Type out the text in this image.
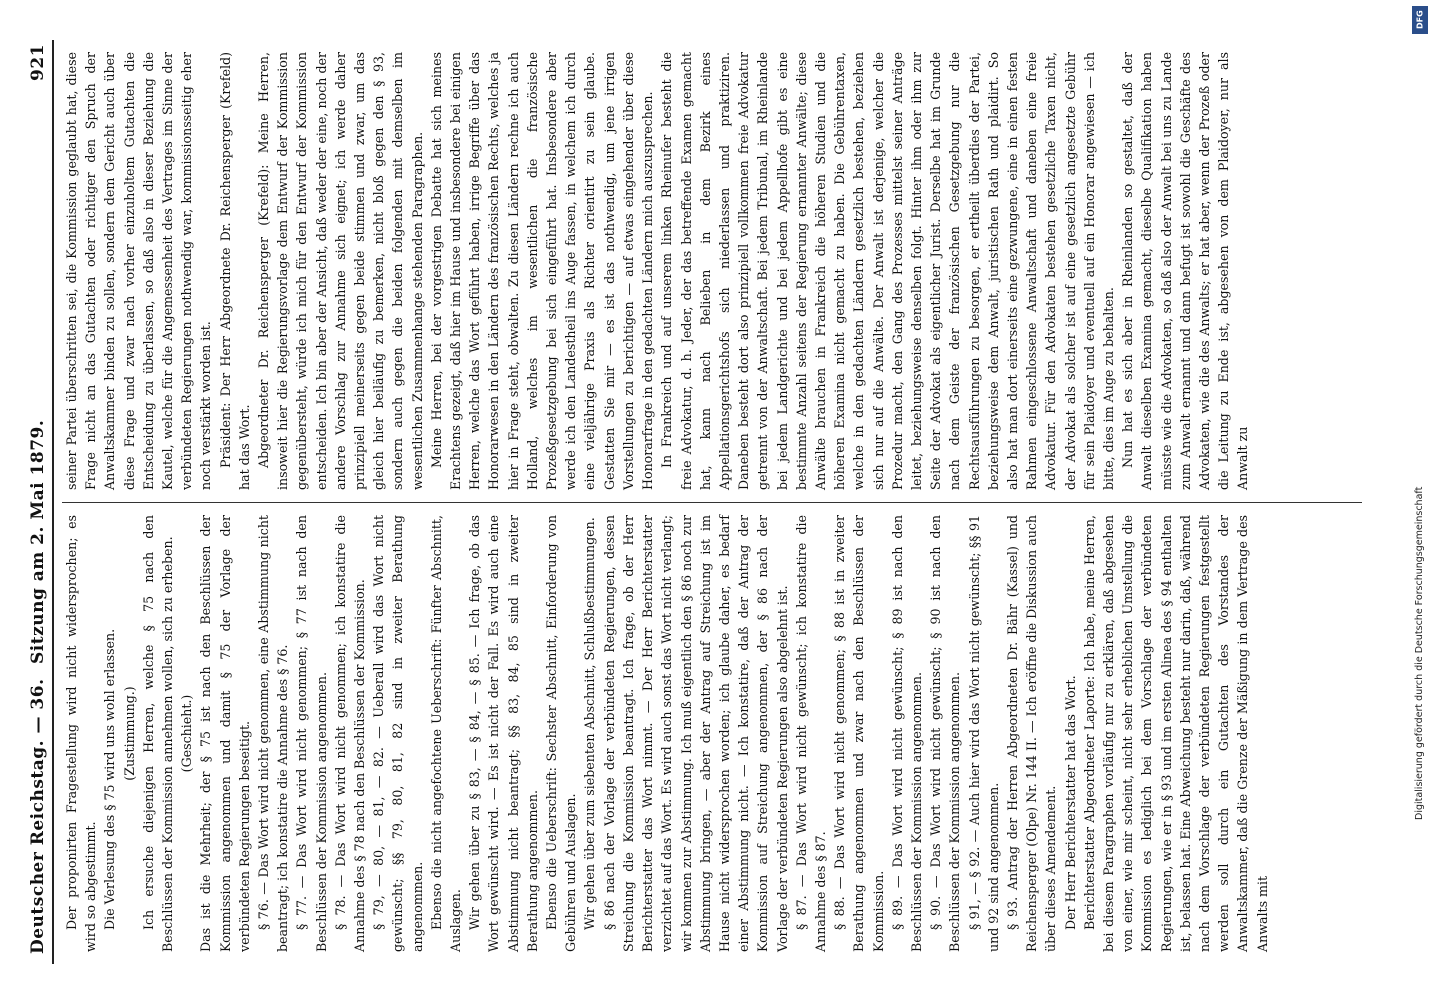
Deutscher Reichstag. — 36.
Sitzung am 2. Mai 1879.
921

Der proponirten Fragestellung wird nicht widersprochen; es wird so abgestimmt. Die Verlesung des § 75 wird uns wohl erlassen. (Zustimmung.) Ich ersuche diejenigen Herren, welche § 75 nach den Beschlüssen der Kommission annehmen wollen, sich zu erheben. (Geschieht.) Das ist die Mehrheit; der § 75 ist nach den Beschlüssen der Kommission angenommen und damit § 75 der Vorlage der verbündeten Regierungen beseitigt. § 76. — Das Wort wird nicht genommen, eine Abstimmung nicht beantragt; ich konstatire die Annahme des § 76. § 77. — Das Wort wird nicht genommen; § 77 ist nach den Beschlüssen der Kommission angenommen. § 78. — Das Wort wird nicht genommen; ich konstatire die Annahme des § 78 nach den Beschlüssen der Kommission. § 79, — 80, — 81, — 82. — Ueberall wird das Wort nicht gewünscht; §§ 79, 80, 81, 82 sind in zweiter Berathung angenommen. Ebenso die nicht angefochtene Ueberschrift: Fünfter Abschnitt, Auslagen. Wir gehen über zu § 83, — § 84, — § 85. — Ich frage, ob das Wort gewünscht wird. — Es ist nicht der Fall. Es wird auch eine Abstimmung nicht beantragt; §§ 83, 84, 85 sind in zweiter Berathung angenommen. Ebenso die Ueberschrift: Sechster Abschnitt, Einforderung von Gebühren und Auslagen. Wir gehen über zum siebenten Abschnitt, Schlußbestimmungen. § 86 nach der Vorlage der verbündeten Regierungen, dessen Streichung die Kommission beantragt. Ich frage, ob der Herr Berichterstatter das Wort nimmt. — Der Herr Berichterstatter verzichtet auf das Wort. Es wird auch sonst das Wort nicht verlangt; wir kommen zur Abstimmung. Ich muß eigentlich den § 86 noch zur Abstimmung bringen, — aber der Antrag auf Streichung ist im Hause nicht widersprochen worden; ich glaube daher, es bedarf einer Abstimmung nicht. — Ich konstatire, daß der Antrag der Kommission auf Streichung angenommen, der § 86 nach der Vorlage der verbündeten Regierungen also abgelehnt ist. § 87. — Das Wort wird nicht gewünscht; ich konstatire die Annahme des § 87. § 88. — Das Wort wird nicht genommen; § 88 ist in zweiter Berathung angenommen und zwar nach den Beschlüssen der Kommission. § 89. — Das Wort wird nicht gewünscht; § 89 ist nach den Beschlüssen der Kommission angenommen. § 90. — Das Wort wird nicht gewünscht; § 90 ist nach den Beschlüssen der Kommission angenommen. § 91, — § 92. — Auch hier wird das Wort nicht gewünscht; §§ 91 und 92 sind angenommen. § 93. Antrag der Herren Abgeordneten Dr. Bähr (Kassel) und Reichensperger (Olpe) Nr. 144 II. — Ich eröffne die Diskussion auch über dieses Amendement. Der Herr Berichterstatter hat das Wort. Berichterstatter Abgeordneter Laporte: Ich habe, meine Herren, bei diesem Paragraphen vorläufig nur zu erklären, daß abgesehen von einer, wie mir scheint, nicht sehr erheblichen Umstellung die Kommission es lediglich bei dem Vorschlage der verbündeten Regierungen, wie er in § 93 und im ersten Alinea des § 94 enthalten ist, belassen hat. Eine Abweichung besteht nur darin, daß, während nach dem Vorschlage der verbündeten Regierungen festgestellt werden soll durch ein Gutachten des Vorstandes der Anwaltskammer, daß die Grenze der Mäßigung in dem Vertrage des Anwalts mit

seiner Partei überschritten sei, die Kommission geglaubt hat, diese Frage nicht an das Gutachten oder richtiger den Spruch der Anwaltskammer binden zu sollen, sondern dem Gericht auch über diese Frage und zwar nach vorher einzuholtem Gutachten die Entscheidung zu überlassen, so daß also in dieser Beziehung die Kautel, welche für die Angemessenheit des Vertrages im Sinne der verbündeten Regierungen nothwendig war, kommissionsseitig eher noch verstärkt worden ist. Präsident: Der Herr Abgeordnete Dr. Reichensperger (Krefeld) hat das Wort. Abgeordneter Dr. Reichensperger (Krefeld): Meine Herren, insoweit hier die Regierungsvorlage dem Entwurf der Kommission gegenübersteht, würde ich mich für den Entwurf der Kommission entscheiden. Ich bin aber der Ansicht, daß weder der eine, noch der andere Vorschlag zur Annahme sich eignet; ich werde daher prinzipiell meinerseits gegen beide stimmen und zwar, um das gleich hier beiläufig zu bemerken, nicht bloß gegen den § 93, sondern auch gegen die beiden folgenden mit demselben im wesentlichen Zusammenhange stehenden Paragraphen. Meine Herren, bei der vorgestrigen Debatte hat sich meines Erachtens gezeigt, daß hier im Hause und insbesondere bei einigen Herren, welche das Wort geführt haben, irrige Begriffe über das Honorarwesen in den Ländern des französischen Rechts, welches ja hier in Frage steht, obwalten. Zu diesen Ländern rechne ich auch Holland, welches im wesentlichen die französische Prozeßgesetzgebung bei sich eingeführt hat. Insbesondere aber werde ich den Landestheil ins Auge fassen, in welchem ich durch eine vieljährige Praxis als Richter orientirt zu sein glaube. Gestatten Sie mir — es ist das nothwendig, um jene irrigen Vorstellungen zu berichtigen — auf etwas eingehender über diese Honorarfrage in den gedachten Ländern mich auszusprechen. In Frankreich und auf unserem linken Rheinufer besteht die freie Advokatur, d. h. Jeder, der das betreffende Examen gemacht hat, kann nach Belieben in dem Bezirk eines Appellationsgerichtshofs sich niederlassen und praktiziren. Daneben besteht dort also prinzipiell vollkommen freie Advokatur getrennt von der Anwaltschaft. Bei jedem Tribunal, im Rheinlande bei jedem Landgerichte und bei jedem Appellhofe gibt es eine bestimmte Anzahl seitens der Regierung ernannter Anwälte; diese Anwälte brauchen in Frankreich die höheren Studien und die höheren Examina nicht gemacht zu haben. Die Gebührentaxen, welche in den gedachten Ländern gesetzlich bestehen, beziehen sich nur auf die Anwälte. Der Anwalt ist derjenige, welcher die Prozedur macht, den Gang des Prozesses mittelst seiner Anträge leitet, beziehungsweise denselben folgt. Hinter ihm oder ihm zur Seite der Advokat als eigentlicher Jurist. Derselbe hat im Grunde nach dem Geiste der französischen Gesetzgebung nur die Rechtsausführungen zu besorgen, er ertheilt überdies der Partei, beziehungsweise dem Anwalt, juristischen Rath und plaidirt. So also hat man dort einerseits eine gezwungene, eine in einen festen Rahmen eingeschlossene Anwaltschaft und daneben eine freie Advokatur. Für den Advokaten bestehen gesetzliche Taxen nicht, der Advokat als solcher ist auf eine gesetzlich angesetzte Gebühr für sein Plaidoyer und eventuell auf ein Honorar angewiesen — ich bitte, dies im Auge zu behalten. Nun hat es sich aber in Rheinlanden so gestaltet, daß der Anwalt dieselben Examina gemacht, dieselbe Qualifikation haben müsste wie die Advokaten, so daß also der Anwalt bei uns zu Lande zum Anwalt ernannt und dann befugt ist sowohl die Geschäfte des Advokaten, wie die des Anwalts; er hat aber, wenn der Prozeß oder die Leitung zu Ende ist, abgesehen von dem Plaidoyer, nur als Anwalt zu

DFG
Digitalisierung gefördert durch die Deutsche Forschungsgemeinschaft
